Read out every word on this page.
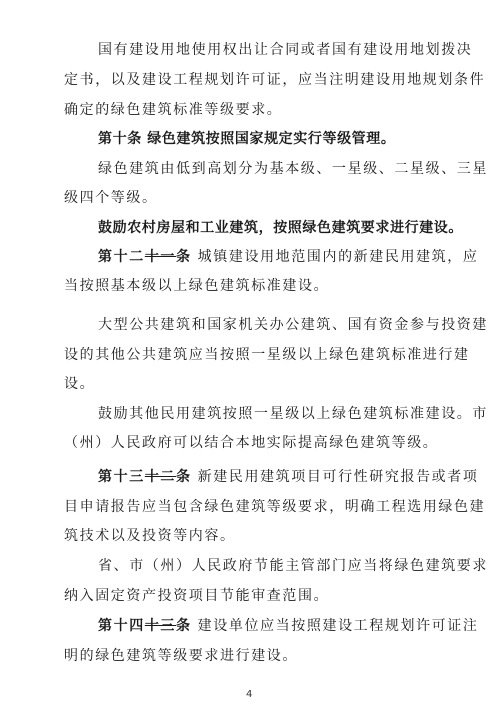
国有建设用地使用权出让合同或者国有建设用地划拨决
定书，以及建设工程规划许可证，应当注明建设用地规划条件
确定的绿色建筑标准等级要求。
第十条 绿色建筑按照国家规定实行等级管理。
绿色建筑由低到高划分为基本级、一星级、二星级、三星
级四个等级。
鼓励农村房屋和工业建筑，按照绿色建筑要求进行建设。
第十二十一条 城镇建设用地范围内的新建民用建筑，应
当按照基本级以上绿色建筑标准建设。
大型公共建筑和国家机关办公建筑、国有资金参与投资建
设的其他公共建筑应当按照一星级以上绿色建筑标准进行建
设。
鼓励其他民用建筑按照一星级以上绿色建筑标准建设。市
（州）人民政府可以结合本地实际提高绿色建筑等级。
第十三十二条 新建民用建筑项目可行性研究报告或者项
目申请报告应当包含绿色建筑等级要求，明确工程选用绿色建
筑技术以及投资等内容。
省、市（州）人民政府节能主管部门应当将绿色建筑要求
纳入固定资产投资项目节能审查范围。
第十四十三条 建设单位应当按照建设工程规划许可证注
明的绿色建筑等级要求进行建设。
4
